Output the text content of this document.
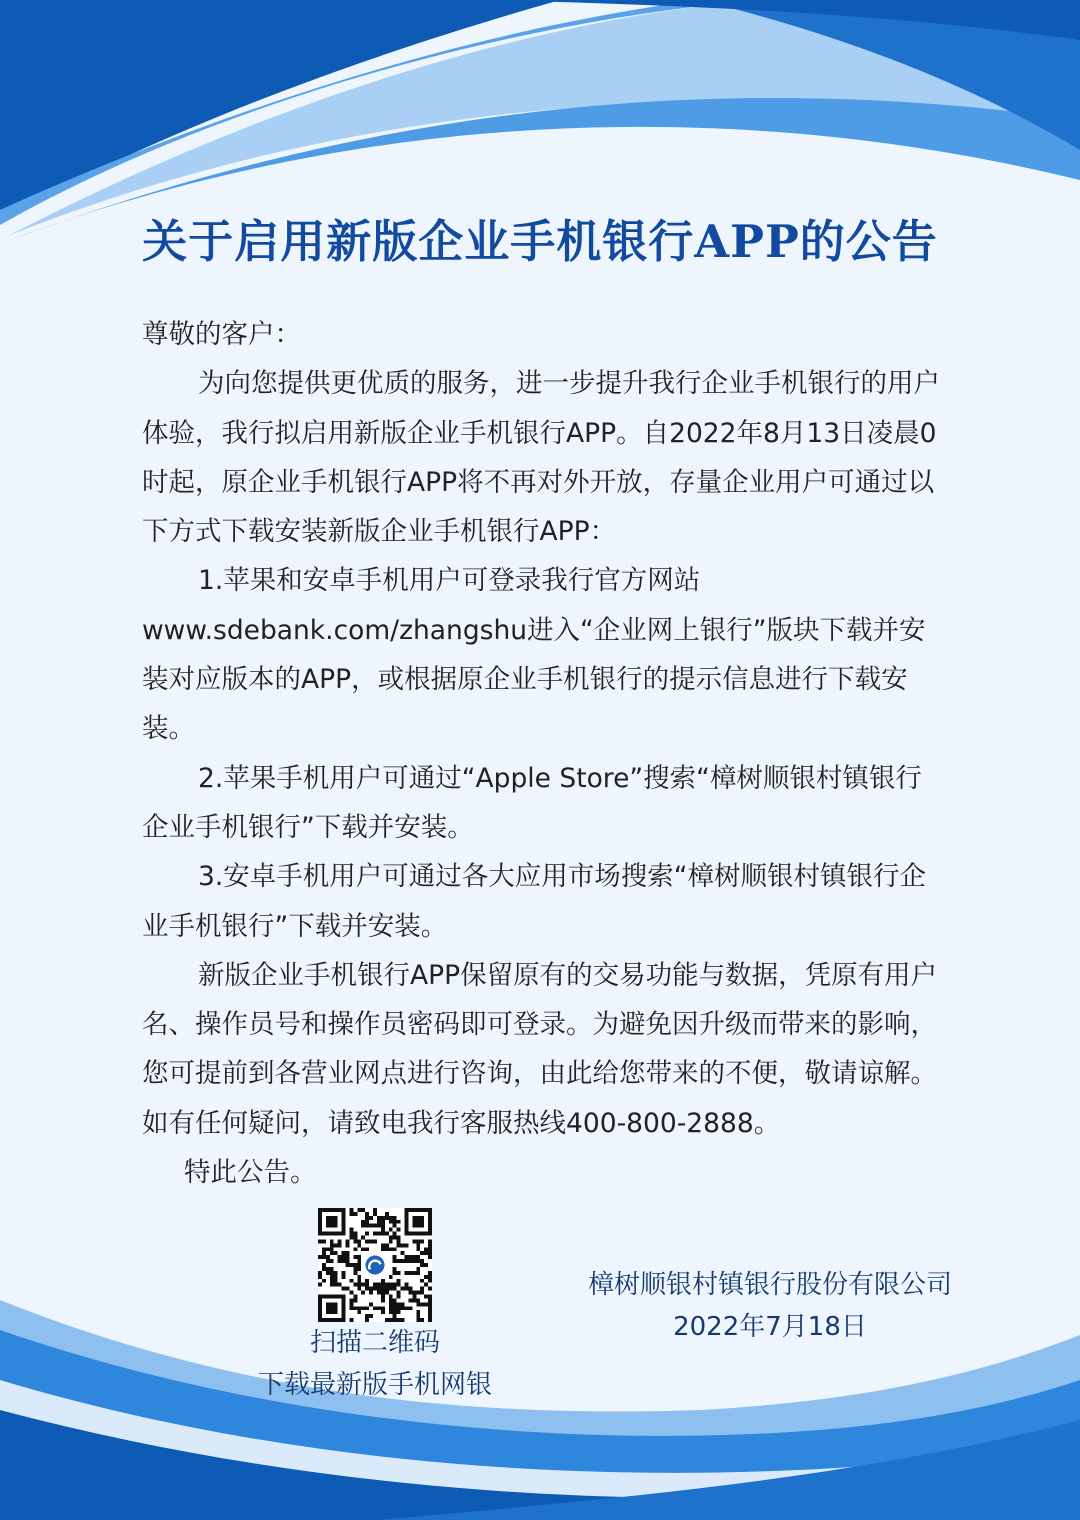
关于启用新版企业手机银行APP的公告

尊敬的客户：

为向您提供更优质的服务，进一步提升我行企业手机银行的用户体验，我行拟启用新版企业手机银行APP。自2022年8月13日凌晨0时起，原企业手机银行APP将不再对外开放，存量企业用户可通过以下方式下载安装新版企业手机银行APP：

1.苹果和安卓手机用户可登录我行官方网站www.sdebank.com/zhangshu进入“企业网上银行”版块下载并安装对应版本的APP，或根据原企业手机银行的提示信息进行下载安装。

2.苹果手机用户可通过“Apple Store”搜索“樟树顺银村镇银行企业手机银行”下载并安装。

3.安卓手机用户可通过各大应用市场搜索“樟树顺银村镇银行企业手机银行”下载并安装。

新版企业手机银行APP保留原有的交易功能与数据，凭原有用户名、操作员号和操作员密码即可登录。为避免因升级而带来的影响，您可提前到各营业网点进行咨询，由此给您带来的不便，敬请谅解。如有任何疑问，请致电我行客服热线400-800-2888。

特此公告。

扫描二维码
下载最新版手机网银
樟树顺银村镇银行股份有限公司
2022年7月18日
